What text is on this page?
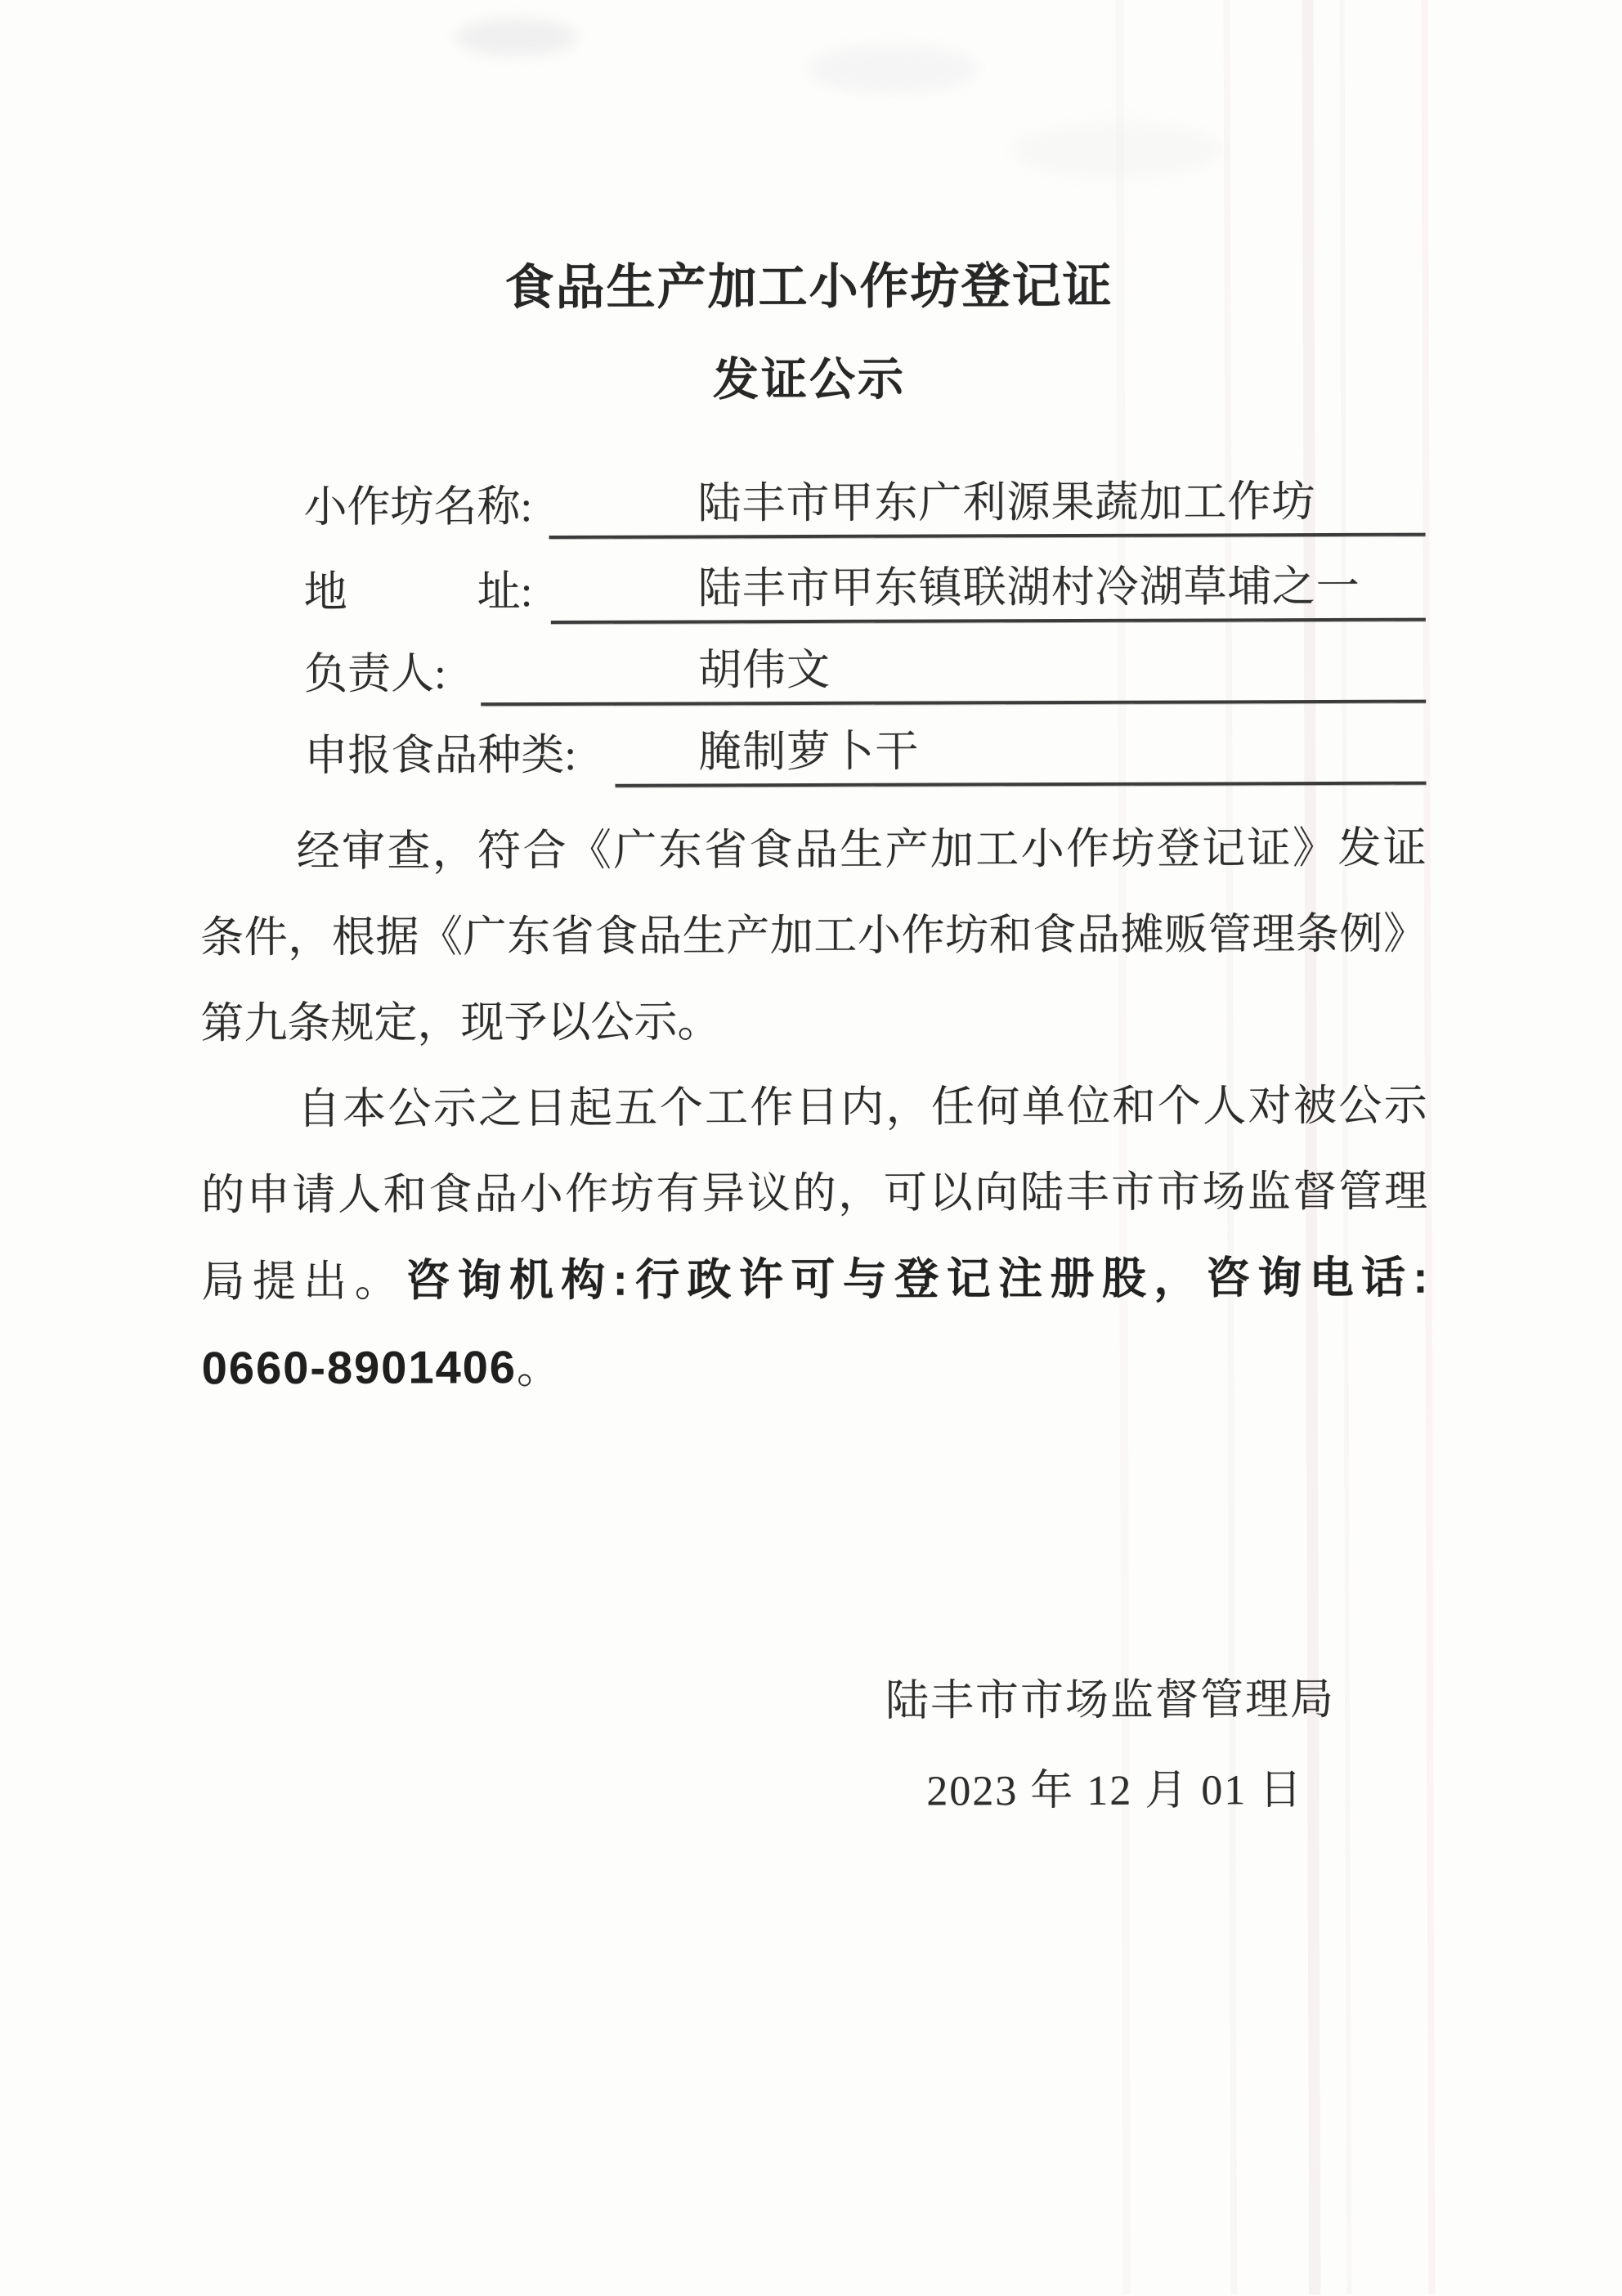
食品生产加工小作坊登记证
发证公示
小作坊名称:	陆丰市甲东广利源果蔬加工作坊
地　　　址:	陆丰市甲东镇联湖村冷湖草埔之一
负责人:	胡伟文
申报食品种类:	腌制萝卜干
经审查，符合《广东省食品生产加工小作坊登记证》发证
条件，根据《广东省食品生产加工小作坊和食品摊贩管理条例》
第九条规定，现予以公示。
自本公示之日起五个工作日内，任何单位和个人对被公示
的申请人和食品小作坊有异议的，可以向陆丰市市场监督管理
局提出。咨询机构:行政许可与登记注册股，咨询电话:
0660-8901406。
陆丰市市场监督管理局
2023 年 12 月 01 日
